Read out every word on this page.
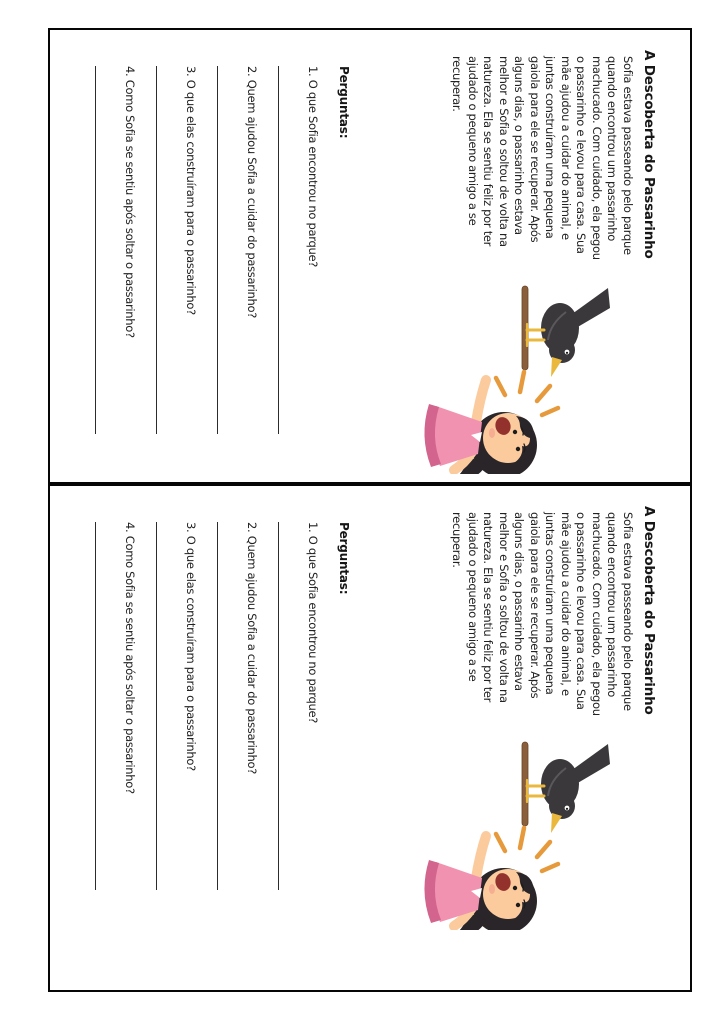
A Descoberta do Passarinho
Sofia estava passeando pelo parque
quando encontrou um passarinho
machucado. Com cuidado, ela pegou
o passarinho e levou para casa. Sua
mãe ajudou a cuidar do animal, e
juntas construíram uma pequena
gaiola para ele se recuperar. Após
alguns dias, o passarinho estava
melhor e Sofia o soltou de volta na
natureza. Ela se sentiu feliz por ter
ajudado o pequeno amigo a se
recuperar.
Perguntas:
1. O que Sofia encontrou no parque?
2. Quem ajudou Sofia a cuidar do passarinho?
3. O que elas construíram para o passarinho?
4. Como Sofia se sentiu após soltar o passarinho?
A Descoberta do Passarinho
Sofia estava passeando pelo parque
quando encontrou um passarinho
machucado. Com cuidado, ela pegou
o passarinho e levou para casa. Sua
mãe ajudou a cuidar do animal, e
juntas construíram uma pequena
gaiola para ele se recuperar. Após
alguns dias, o passarinho estava
melhor e Sofia o soltou de volta na
natureza. Ela se sentiu feliz por ter
ajudado o pequeno amigo a se
recuperar.
Perguntas:
1. O que Sofia encontrou no parque?
2. Quem ajudou Sofia a cuidar do passarinho?
3. O que elas construíram para o passarinho?
4. Como Sofia se sentiu após soltar o passarinho?
